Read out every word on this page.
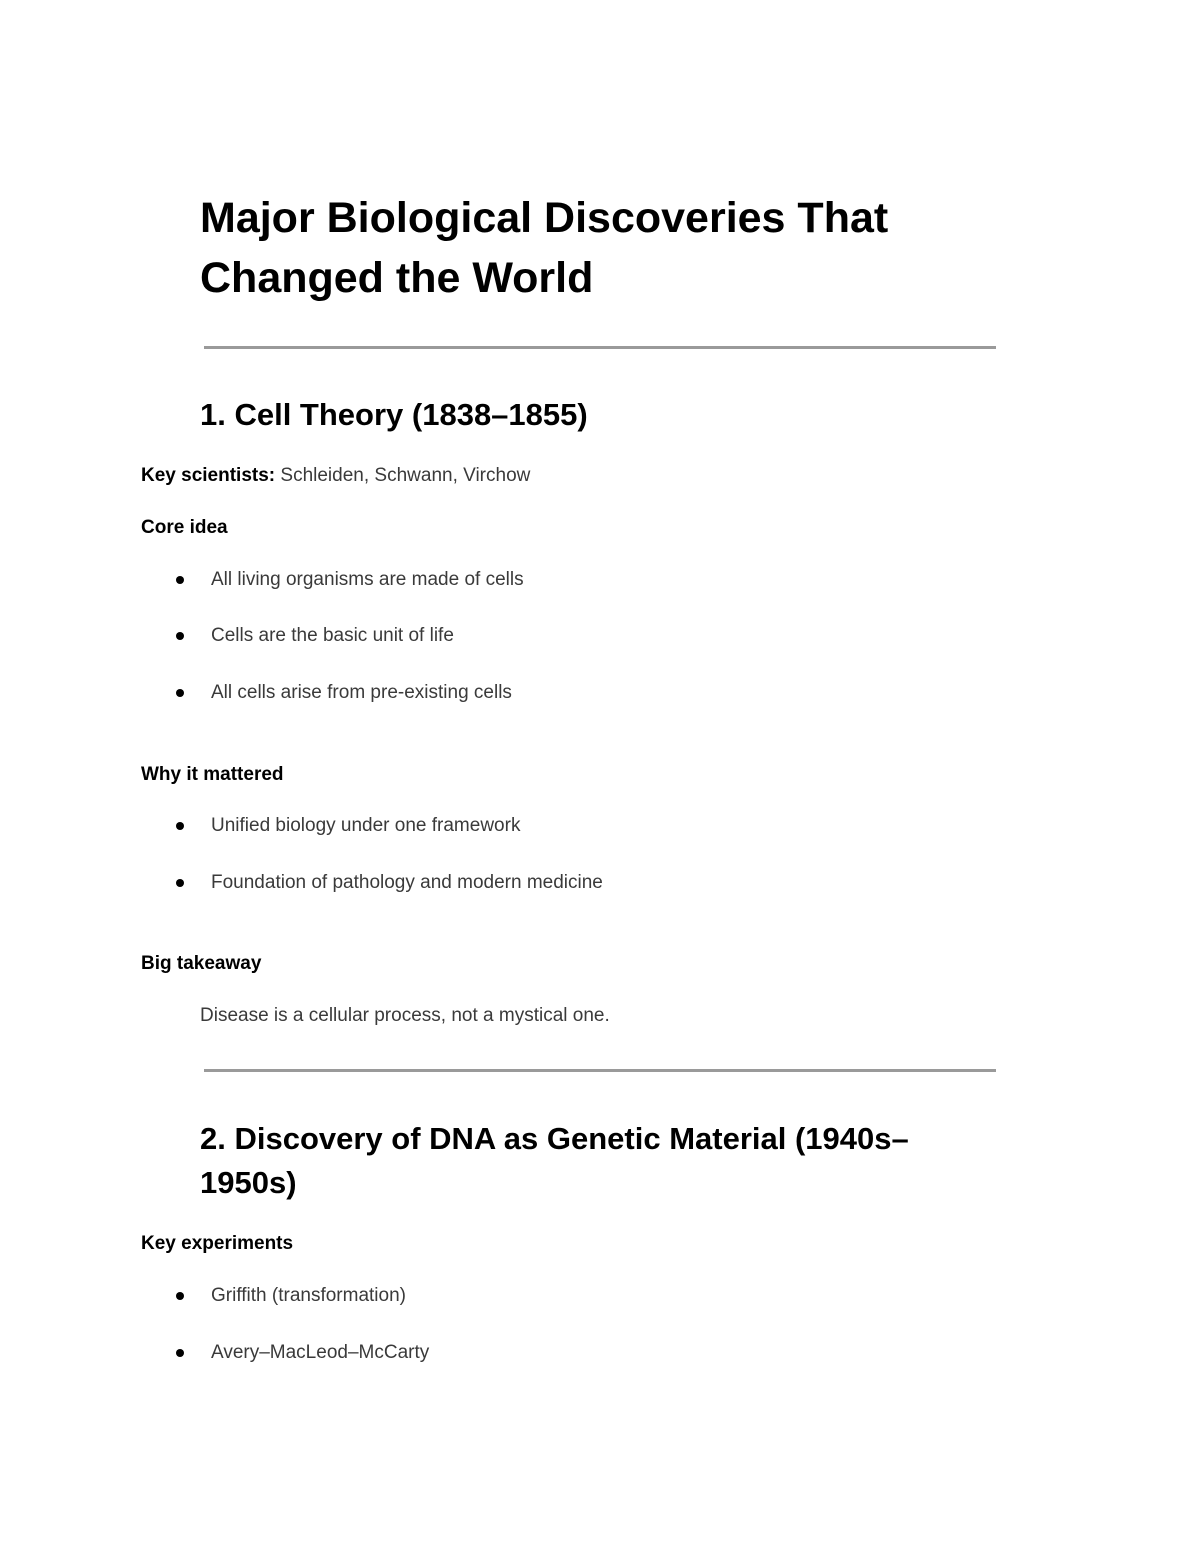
Major Biological Discoveries That Changed the World
1. Cell Theory (1838–1855)
Key scientists: Schleiden, Schwann, Virchow
Core idea
All living organisms are made of cells
Cells are the basic unit of life
All cells arise from pre-existing cells
Why it mattered
Unified biology under one framework
Foundation of pathology and modern medicine
Big takeaway
Disease is a cellular process, not a mystical one.
2. Discovery of DNA as Genetic Material (1940s–1950s)
Key experiments
Griffith (transformation)
Avery–MacLeod–McCarty
